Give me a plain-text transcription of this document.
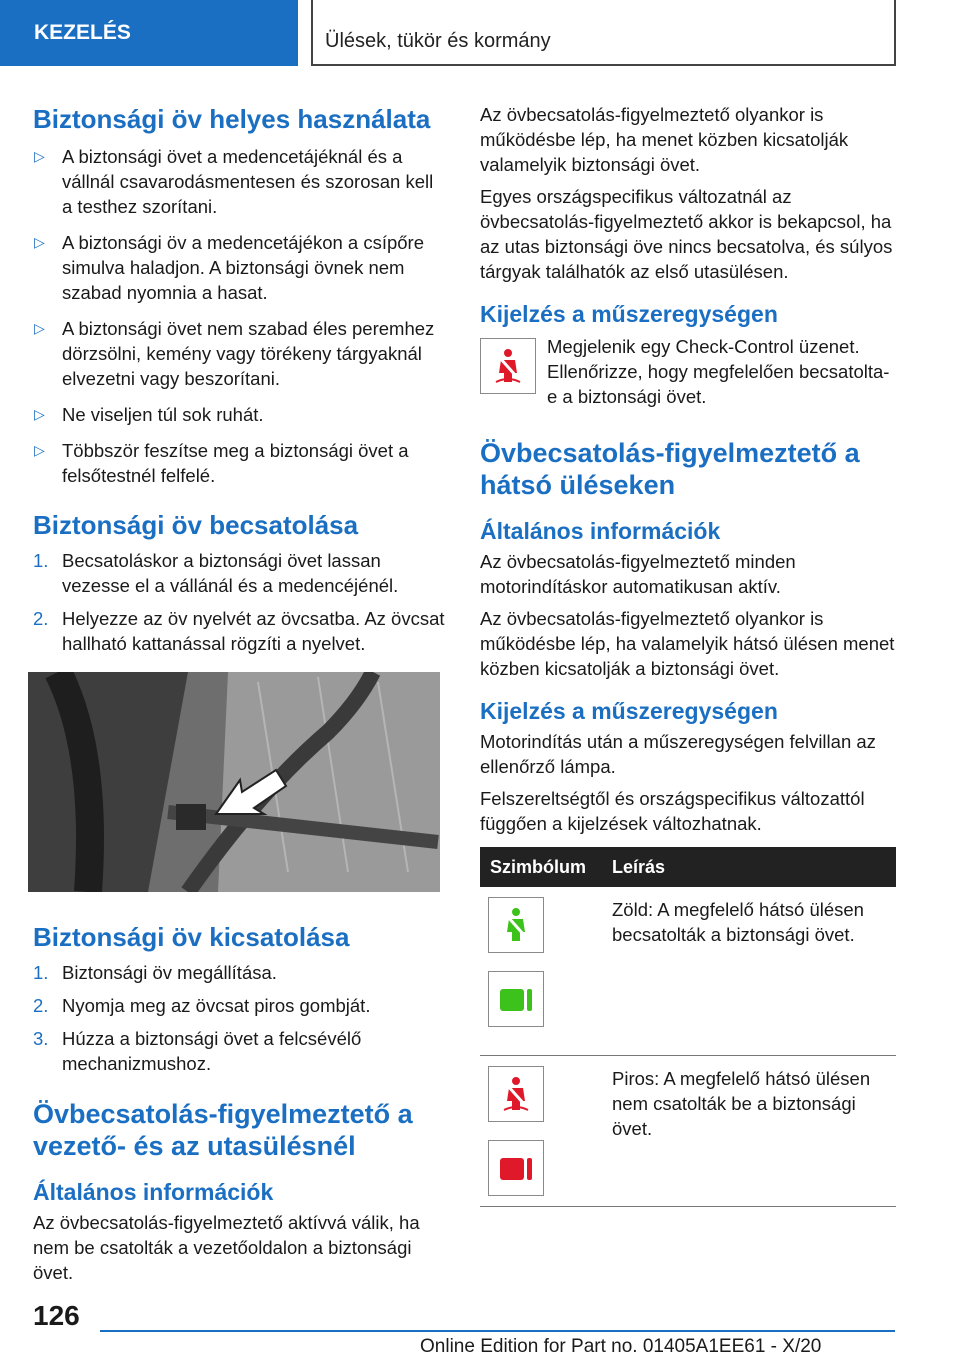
KEZELÉS	Ülések, tükör és kormány
Biztonsági öv helyes használata
▷ A biztonsági övet a medencetájéknál és a vállnál csavarodásmentesen és szorosan kell a testhez szorítani.
▷ A biztonsági öv a medencetájékon a csípőre simulva haladjon. A biztonsági övnek nem szabad nyomnia a hasat.
▷ A biztonsági övet nem szabad éles peremhez dörzsölni, kemény vagy törékeny tárgyaknál elvezetni vagy beszorítani.
▷ Ne viseljen túl sok ruhát.
▷ Többször feszítse meg a biztonsági övet a felsőtestnél felfelé.
Biztonsági öv becsatolása
1. Becsatoláskor a biztonsági övet lassan vezesse el a vállánál és a medencéjénél.
2. Helyezze az öv nyelvét az övcsatba. Az övcsat hallható kattanással rögzíti a nyelvet.
Biztonsági öv kicsatolása
1. Biztonsági öv megállítása.
2. Nyomja meg az övcsat piros gombját.
3. Húzza a biztonsági övet a felcsévélő mechanizmushoz.
Övbecsatolás-figyelmeztető a vezető- és az utasülésnél
Általános információk

Az övbecsatolás-figyelmeztető aktívvá válik, ha nem be csatolták a vezetőoldalon a biztonsági övet.

Az övbecsatolás-figyelmeztető olyankor is működésbe lép, ha menet közben kicsatolják valamelyik biztonsági övet.

Egyes országspecifikus változatnál az övbecsatolás-figyelmeztető akkor is bekapcsol, ha az utas biztonsági öve nincs becsatolva, és súlyos tárgyak találhatók az első utasülésen.

Kijelzés a műszeregységen

Megjelenik egy Check-Control üzenet. Ellenőrizze, hogy megfelelően becsatolta-e a biztonsági övet.

Övbecsatolás-figyelmeztető a hátsó üléseken
Általános információk

Az övbecsatolás-figyelmeztető minden motorindításkor automatikusan aktív.

Az övbecsatolás-figyelmeztető olyankor is működésbe lép, ha valamelyik hátsó ülésen menet közben kicsatolják a biztonsági övet.

Kijelzés a műszeregységen

Motorindítás után a műszeregységen felvillan az ellenőrző lámpa.

Felszereltségtől és országspecifikus változattól függően a kijelzések változhatnak.

Szimbólum	Leírás

	Zöld: A megfelelő hátsó ülésen becsatolták a biztonsági övet.

	Piros: A megfelelő hátsó ülésen nem csatolták be a biztonsági övet.
126
Online Edition for Part no. 01405A1EE61 - X/20
